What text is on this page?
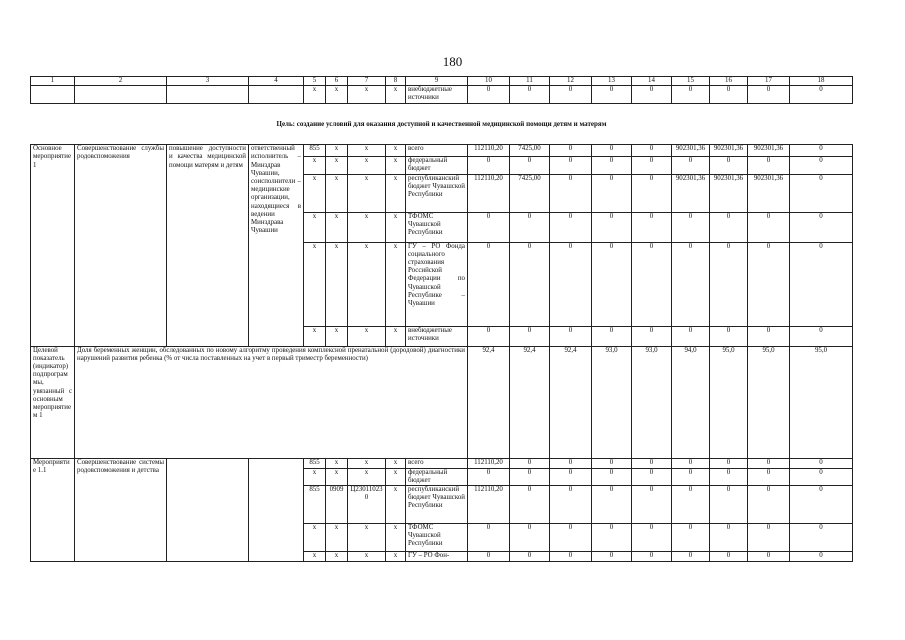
180
1	2	3	4	5	6	7	8	9	10	11	12	13	14	15	16	17	18
				x	x	x	x	внебюджетные источники	0	0	0	0	0	0	0	0	0
Цель: создание условий для оказания доступной и качественной медицинской помощи детям и матерям																	
Основное мероприятие 1	Совершенствование службы родовспоможения	повышение доступности и качества медицинской помощи матерям и детям	ответственный исполнитель – Минздрав Чувашии, соисполнители – медицинские организации, находящиеся в ведении Минздрава Чувашии	855	x	x	x	всего	112110,20	7425,00	0	0	0	902301,36	902301,36	902301,36	0
				x	x	x	x	федеральный бюджет	0	0	0	0	0	0	0	0	0
				x	x	x	x	республиканский бюджет Чувашской Республики	112110,20	7425,00	0	0	0	902301,36	902301,36	902301,36	0
				x	x	x	x	ТФОМС Чувашской Республики	0	0	0	0	0	0	0	0	0
				x	x	x	x	ГУ – РО Фонда социального страхования Российской Федерации по Чувашской Республике – Чувашии	0	0	0	0	0	0	0	0	0
				x	x	x	x	внебюджетные источники	0	0	0	0	0	0	0	0	0
Целевой показатель (индикатор) подпрограммы, увязанный с основным мероприятием 1	Доля беременных женщин, обследованных по новому алгоритму проведения комплексной пренатальной (дородовой) диагностики нарушений развития ребенка (% от числа поставленных на учет в первый триместр беременности)								92,4	92,4	92,4	93,0	93,0	94,0	95,0	95,0	95,0
Мероприятие 1.1	Совершенствование системы родовспоможения и детства			855	x	x	x	всего	112110,20	0	0	0	0	0	0	0	0
				x	x	x	x	федеральный бюджет	0	0	0	0	0	0	0	0	0
				855	0909	Ц230110230	x	республиканский бюджет Чувашской Республики	112110,20	0	0	0	0	0	0	0	0
				x	x	x	x	ТФОМС Чувашской Республики	0	0	0	0	0	0	0	0	0
				x	x	x	x	ГУ – РО Фон-	0	0	0	0	0	0	0	0	0
